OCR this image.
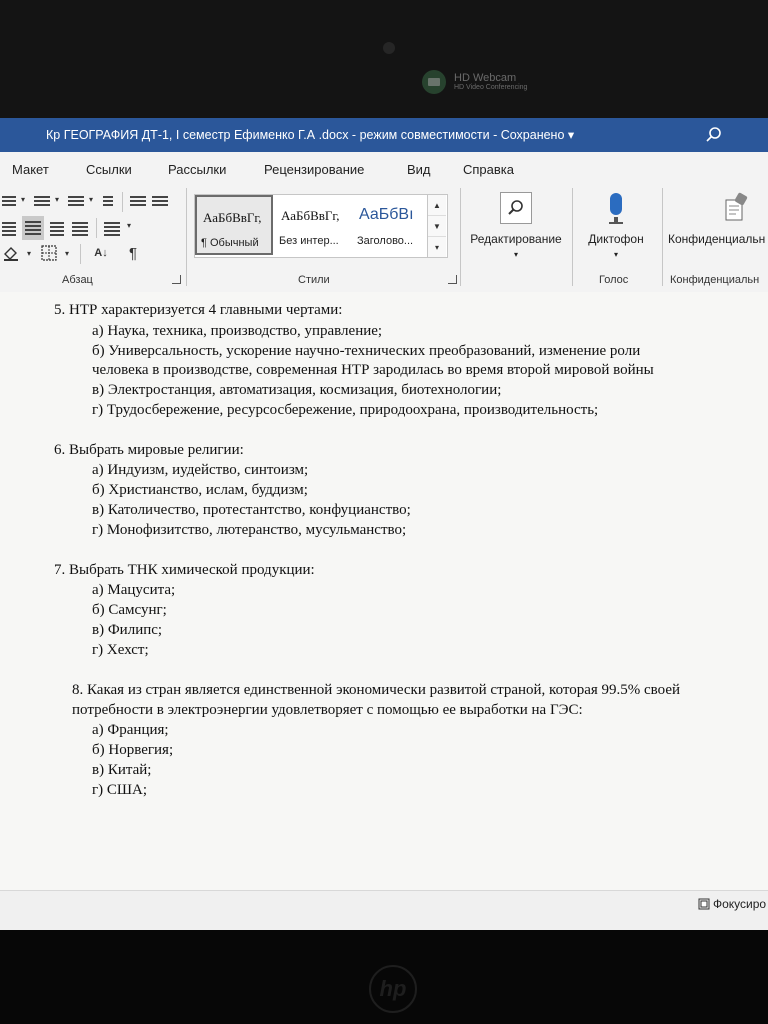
HD Webcam
HD Video Conferencing
Кр ГЕОГРАФИЯ ДТ-1, I семестр Ефименко Г.А .docx - режим совместимости - Сохранено ▾
Макет	Ссылки	Рассылки	Рецензирование	Вид Справка
▾	▾	▾
▾
▾	▾	A↓	¶
Абзац
АаБбВвГг,
¶ Обычный
АаБбВвГг,
Без интер...
АаБбВı
Заголово...
▲
▼
▾
Стили
Редактирование
▾
Диктофон
▾
Голос
Конфиденциальн
Конфиденциальн
5. НТР характеризуется 4 главными чертами:
а) Наука, техника, производство, управление;
б) Универсальность, ускорение научно-технических преобразований, изменение роли
человека в производстве, современная НТР зародилась во время второй мировой войны
в) Электростанция, автоматизация, космизация, биотехнологии;
г) Трудосбережение, ресурсосбережение, природоохрана, производительность;
6. Выбрать мировые религии:
а) Индуизм, иудейство, синтоизм;
б) Христианство, ислам, буддизм;
в) Католичество, протестантство, конфуцианство;
г) Монофизитство, лютеранство, мусульманство;
7. Выбрать ТНК химической продукции:
а) Мацусита;
б) Самсунг;
в) Филипс;
г) Хехст;
8. Какая из стран является единственной экономически развитой страной, которая 99.5% своей
потребности в электроэнергии удовлетворяет с помощью ее выработки на ГЭС:
а) Франция;
б) Норвегия;
в) Китай;
г) США;
Фокусиро
hp
